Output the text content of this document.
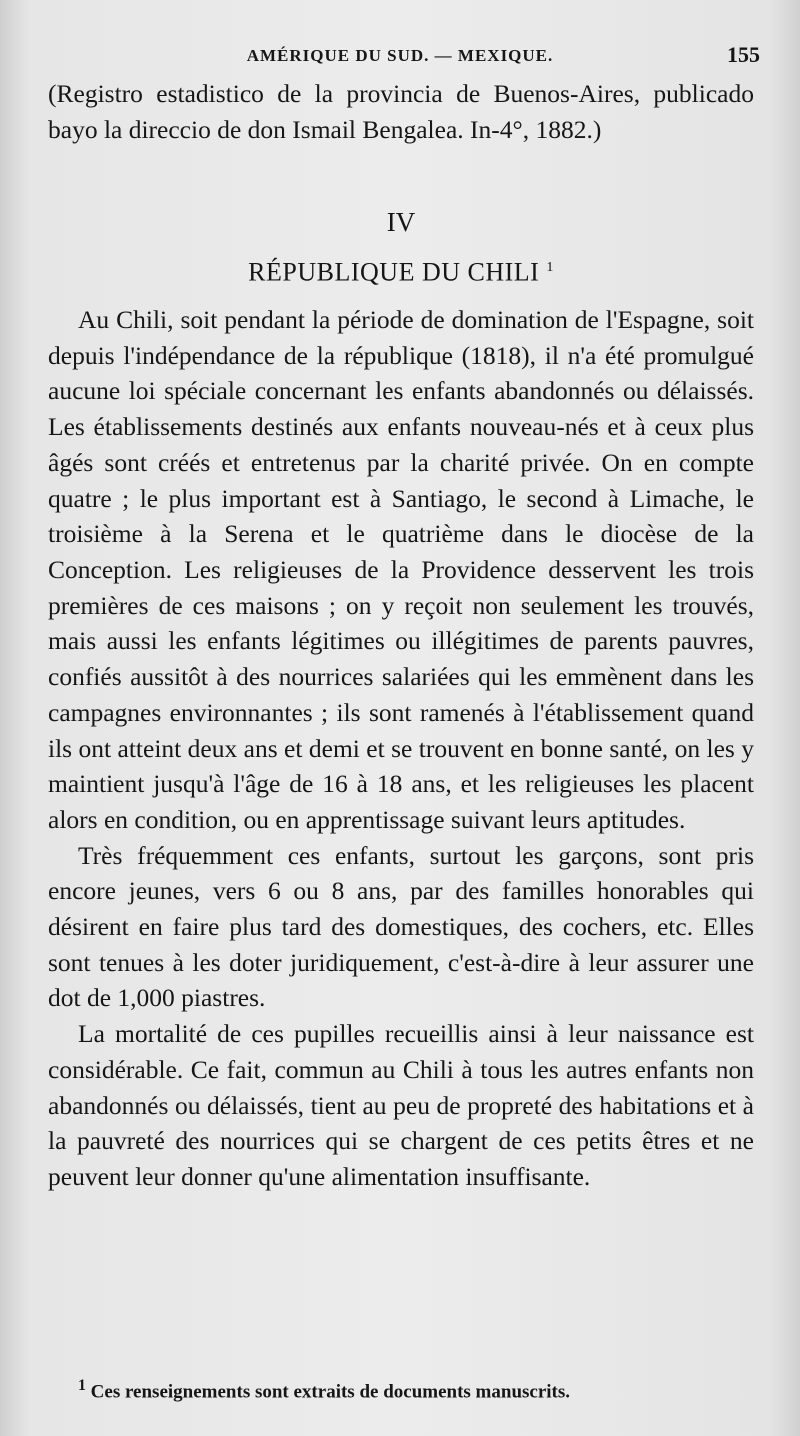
AMÉRIQUE DU SUD. — MEXIQUE.	155

(Registro estadistico de la provincia de Buenos-Aires, publicado bayo la direccio de don Ismail Bengalea. In-4°, 1882.)

IV
RÉPUBLIQUE DU CHILI $^1$

Au Chili, soit pendant la période de domination de l'Espagne, soit depuis l'indépendance de la république (1818), il n'a été promulgué aucune loi spéciale concernant les enfants abandonnés ou délaissés. Les établissements destinés aux enfants nouveau-nés et à ceux plus âgés sont créés et entretenus par la charité privée. On en compte quatre ; le plus important est à Santiago, le second à Limache, le troisième à la Serena et le quatrième dans le diocèse de la Conception. Les religieuses de la Providence desservent les trois premières de ces maisons ; on y reçoit non seulement les trouvés, mais aussi les enfants légitimes ou illégitimes de parents pauvres, confiés aussitôt à des nourrices salariées qui les emmènent dans les campagnes environnantes ; ils sont ramenés à l'établissement quand ils ont atteint deux ans et demi et se trouvent en bonne santé, on les y maintient jusqu'à l'âge de 16 à 18 ans, et les religieuses les placent alors en condition, ou en apprentissage suivant leurs aptitudes.

Très fréquemment ces enfants, surtout les garçons, sont pris encore jeunes, vers 6 ou 8 ans, par des familles honorables qui désirent en faire plus tard des domestiques, des cochers, etc. Elles sont tenues à les doter juridiquement, c'est-à-dire à leur assurer une dot de 1,000 piastres.

La mortalité de ces pupilles recueillis ainsi à leur naissance est considérable. Ce fait, commun au Chili à tous les autres enfants non abandonnés ou délaissés, tient au peu de propreté des habitations et à la pauvreté des nourrices qui se chargent de ces petits êtres et ne peuvent leur donner qu'une alimentation insuffisante.

$^1$ Ces renseignements sont extraits de documents manuscrits.
